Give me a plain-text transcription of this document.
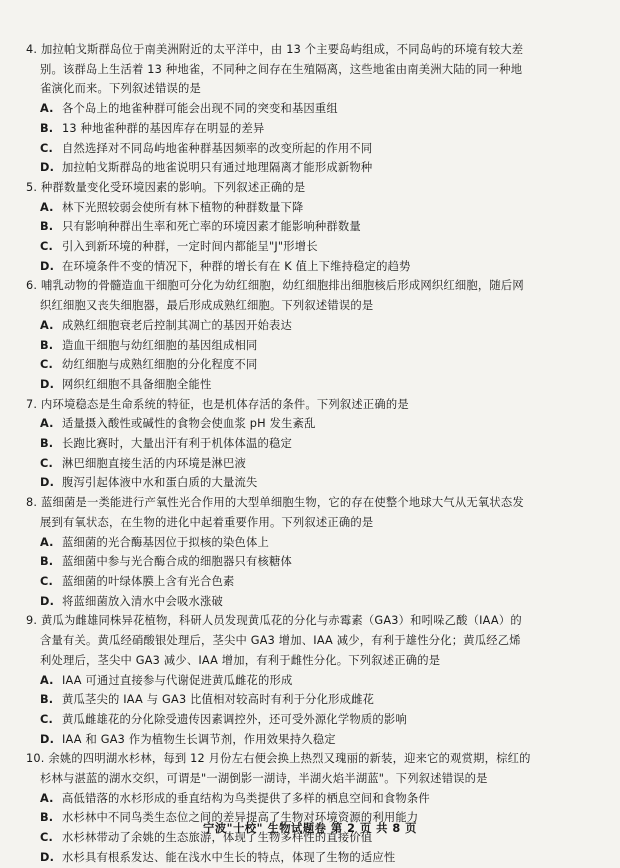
4. 加拉帕戈斯群岛位于南美洲附近的太平洋中，由 13 个主要岛屿组成，不同岛屿的环境有较大差
别。该群岛上生活着 13 种地雀，不同种之间存在生殖隔离，这些地雀由南美洲大陆的同一种地
雀演化而来。下列叙述错误的是
A. 各个岛上的地雀种群可能会出现不同的突变和基因重组
B. 13 种地雀种群的基因库存在明显的差异
C. 自然选择对不同岛屿地雀种群基因频率的改变所起的作用不同
D. 加拉帕戈斯群岛的地雀说明只有通过地理隔离才能形成新物种
5. 种群数量变化受环境因素的影响。下列叙述正确的是
A. 林下光照较弱会使所有林下植物的种群数量下降
B. 只有影响种群出生率和死亡率的环境因素才能影响种群数量
C. 引入到新环境的种群，一定时间内都能呈"J"形增长
D. 在环境条件不变的情况下，种群的增长有在 K 值上下维持稳定的趋势
6. 哺乳动物的骨髓造血干细胞可分化为幼红细胞，幼红细胞排出细胞核后形成网织红细胞，随后网
织红细胞又丧失细胞器，最后形成成熟红细胞。下列叙述错误的是
A. 成熟红细胞衰老后控制其凋亡的基因开始表达
B. 造血干细胞与幼红细胞的基因组成相同
C. 幼红细胞与成熟红细胞的分化程度不同
D. 网织红细胞不具备细胞全能性
7. 内环境稳态是生命系统的特征，也是机体存活的条件。下列叙述正确的是
A. 适量摄入酸性或碱性的食物会使血浆 pH 发生紊乱
B. 长跑比赛时，大量出汗有利于机体体温的稳定
C. 淋巴细胞直接生活的内环境是淋巴液
D. 腹泻引起体液中水和蛋白质的大量流失
8. 蓝细菌是一类能进行产氧性光合作用的大型单细胞生物，它的存在使整个地球大气从无氧状态发
展到有氧状态，在生物的进化中起着重要作用。下列叙述正确的是
A. 蓝细菌的光合酶基因位于拟核的染色体上
B. 蓝细菌中参与光合酶合成的细胞器只有核糖体
C. 蓝细菌的叶绿体膜上含有光合色素
D. 将蓝细菌放入清水中会吸水涨破
9. 黄瓜为雌雄同株异花植物，科研人员发现黄瓜花的分化与赤霉素（GA3）和吲哚乙酸（IAA）的
含量有关。黄瓜经硝酸银处理后，茎尖中 GA3 增加、IAA 减少，有利于雄性分化；黄瓜经乙烯
利处理后，茎尖中 GA3 减少、IAA 增加，有利于雌性分化。下列叙述正确的是
A. IAA 可通过直接参与代谢促进黄瓜雌花的形成
B. 黄瓜茎尖的 IAA 与 GA3 比值相对较高时有利于分化形成雌花
C. 黄瓜雌雄花的分化除受遗传因素调控外，还可受外源化学物质的影响
D. IAA 和 GA3 作为植物生长调节剂，作用效果持久稳定
10. 余姚的四明湖水杉林，每到 12 月份左右便会换上热烈又瑰丽的新装，迎来它的观赏期，棕红的
杉林与湛蓝的湖水交织，可谓是"一湖倒影一湖诗，半湖火焰半湖蓝"。下列叙述错误的是
A. 高低错落的水杉形成的垂直结构为鸟类提供了多样的栖息空间和食物条件
B. 水杉林中不同鸟类生态位之间的差异提高了生物对环境资源的利用能力
C. 水杉林带动了余姚的生态旅游，体现了生物多样性的直接价值
D. 水杉具有根系发达、能在浅水中生长的特点，体现了生物的适应性
宁波"十校" 生物试题卷 第 2 页 共 8 页
